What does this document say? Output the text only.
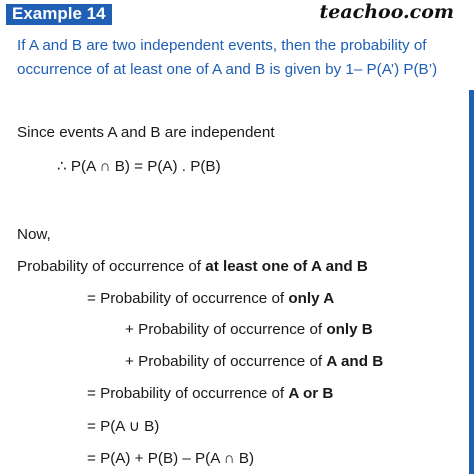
Example 14	teachoo.com
If A and B are two independent events, then the probability of occurrence of at least one of A and B is given by 1– P(A’) P(B’)
Since events A and B are independent
∴ P(A ∩ B) = P(A) . P(B)
Now,
Probability of occurrence of at least one of A and B
= Probability of occurrence of only A
+ Probability of occurrence of only B
+ Probability of occurrence of A and B
= Probability of occurrence of A or B
= P(A ∪ B)
= P(A) + P(B) – P(A ∩ B)
